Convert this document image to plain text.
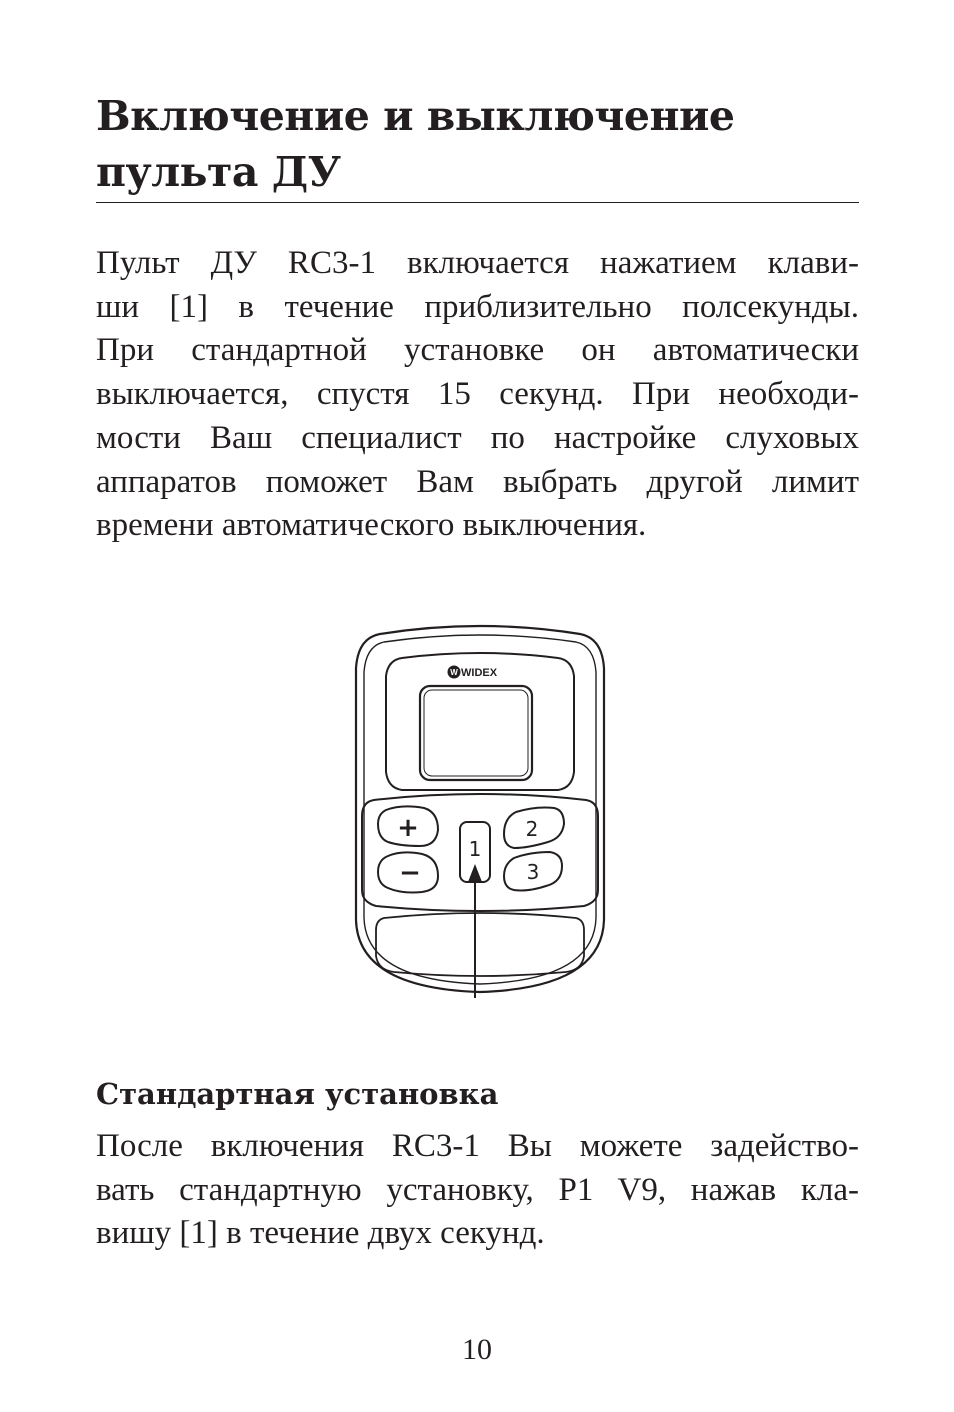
Включение и выключение пульта ДУ

Пульт ДУ RC3-1 включается нажатием клави-
ши [1] в течение приблизительно полсекунды.
При стандартной установке он автоматически
выключается, спустя 15 секунд. При необходи-
мости Ваш специалист по настройке слуховых
аппаратов поможет Вам выбрать другой лимит
времени автоматического выключения.

W WIDEX
+
−
1
2
3
Стандартная установка

После включения RC3-1 Вы можете задейство-
вать стандартную установку, P1 V9, нажав кла-
вишу [1] в течение двух секунд.

10
